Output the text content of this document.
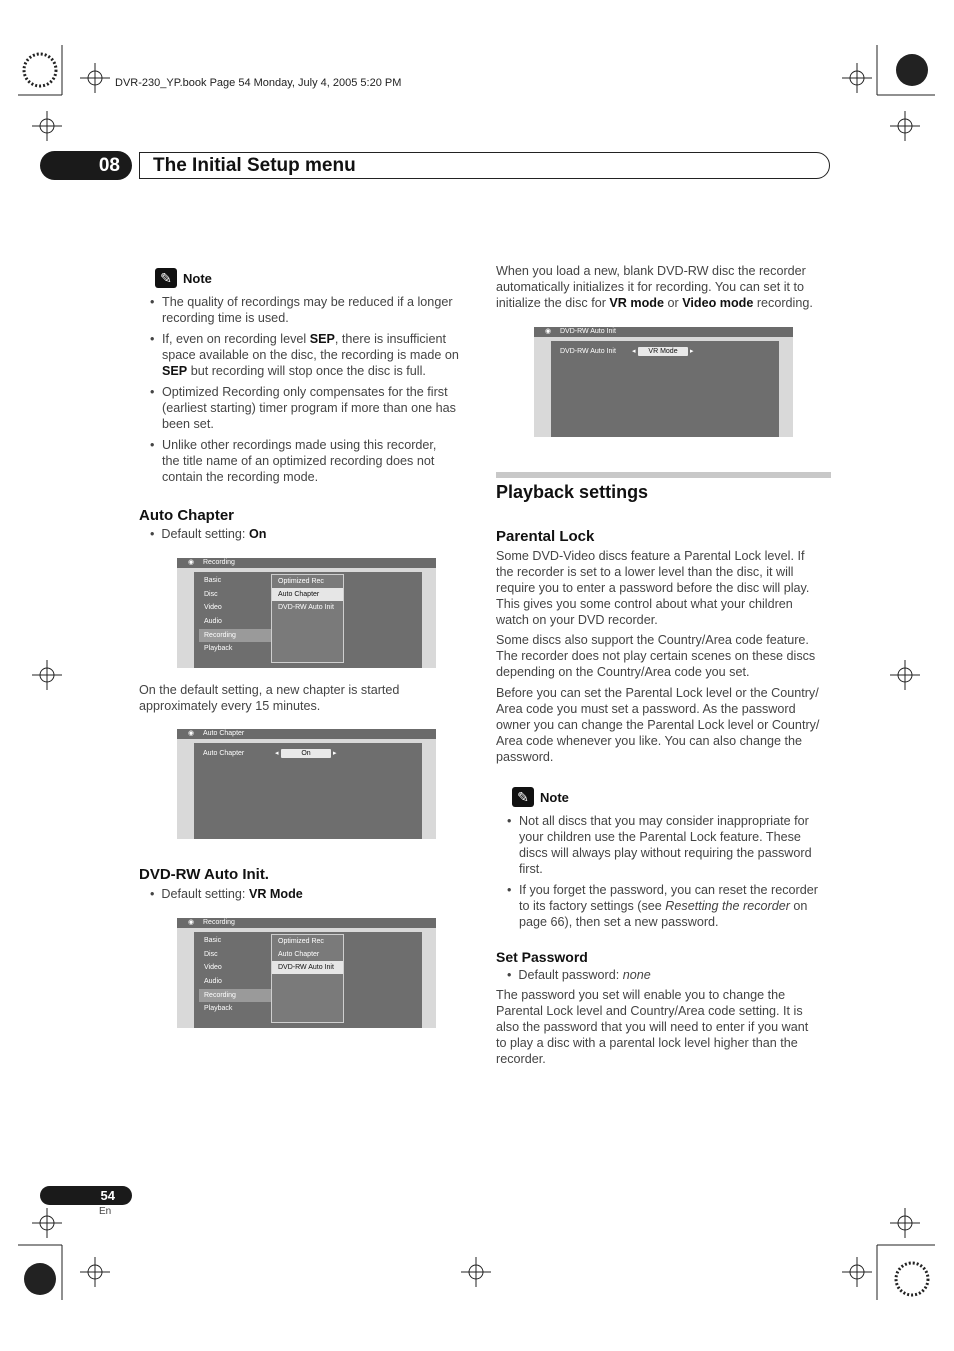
DVR-230_YP.book Page 54 Monday, July 4, 2005 5:20 PM
08	The Initial Setup menu
✎ Note
• The quality of recordings may be reduced if a longer
recording time is used.
• If, even on recording level SEP, there is insufficient
space available on the disc, the recording is made on
SEP but recording will stop once the disc is full.
• Optimized Recording only compensates for the first
(earliest starting) timer program if more than one has
been set.
• Unlike other recordings made using this recorder,
the title name of an optimized recording does not
contain the recording mode.
Auto Chapter
•  Default setting: On
◉ Recording
Basic
Disc
Video
Audio
Recording
Playback
Optimized Rec
Auto Chapter
DVD-RW Auto Init
On the default setting, a new chapter is started
approximately every 15 minutes.
◉ Auto Chapter
Auto Chapter	◂	On	▸
DVD-RW Auto Init.
•  Default setting: VR Mode
◉ Recording
Basic
Disc
Video
Audio
Recording
Playback
Optimized Rec
Auto Chapter
DVD-RW Auto Init
When you load a new, blank DVD-RW disc the recorder
automatically initializes it for recording. You can set it to
initialize the disc for VR mode or Video mode recording.
◉ DVD-RW Auto Init
DVD-RW Auto Init ◂	VR Mode	▸
Playback settings
Parental Lock
Some DVD-Video discs feature a Parental Lock level. If
the recorder is set to a lower level than the disc, it will
require you to enter a password before the disc will play.
This gives you some control about what your children
watch on your DVD recorder.
Some discs also support the Country/Area code feature.
The recorder does not play certain scenes on these discs
depending on the Country/Area code you set.
Before you can set the Parental Lock level or the Country/
Area code you must set a password. As the password
owner you can change the Parental Lock level or Country/
Area code whenever you like. You can also change the
password.
✎ Note
• Not all discs that you may consider inappropriate for
your children use the Parental Lock feature. These
discs will always play without requiring the password
first.
• If you forget the password, you can reset the recorder
to its factory settings (see Resetting the recorder on
page 66), then set a new password.
Set Password
•  Default password: none
The password you set will enable you to change the
Parental Lock level and Country/Area code setting. It is
also the password that you will need to enter if you want
to play a disc with a parental lock level higher than the
recorder.
54
En
